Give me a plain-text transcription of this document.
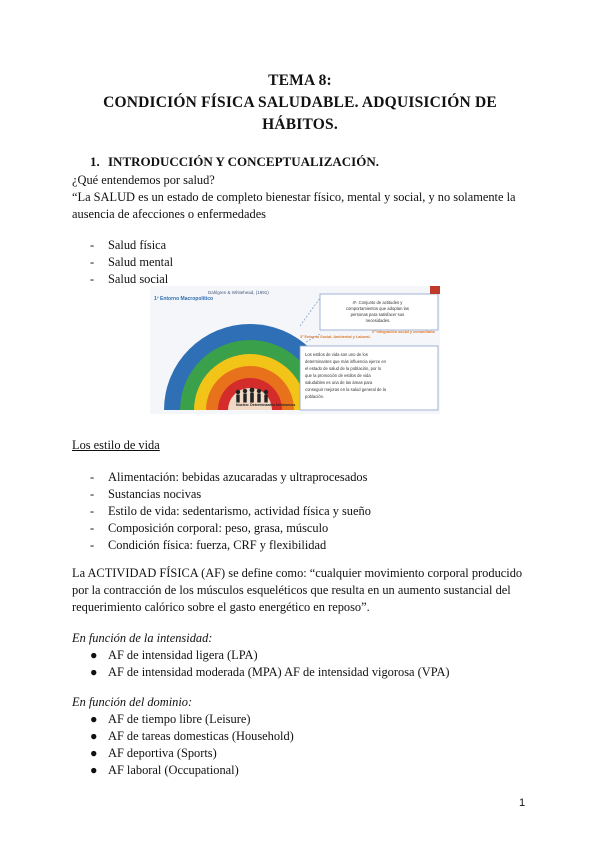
TEMA 8:
CONDICIÓN FÍSICA SALUDABLE. ADQUISICIÓN DE
HÁBITOS.
1. INTRODUCCIÓN Y CONCEPTUALIZACIÓN.
¿Qué entendemos por salud?
“La SALUD es un estado de completo bienestar físico, mental y social, y no solamente la
ausencia de afecciones o enfermedades
- Salud física
- Salud mental
- Salud social
Dahlgren & Whitehead, (1991)
1º Entorno Macropolítico
Núcleo: Determinantes Intrínsecos
4º. Conjunto de actitudes y comportamientos que adoptan las personas para satisfacer sus necesidades.
3º Entorno Social, Ambiental y Laboral.
2º Integración social y comunitaria
Los estilos de vida son uno de los determinantes que más influencia ejerce en el estado de salud de la población, por lo que la promoción de estilos de vida saludables es una de las áreas para conseguir mejoras en la salud general de la población.
Los estilo de vida
- Alimentación: bebidas azucaradas y ultraprocesados
- Sustancias nocivas
- Estilo de vida: sedentarismo, actividad física y sueño
- Composición corporal: peso, grasa, músculo
- Condición física: fuerza, CRF y flexibilidad
La ACTIVIDAD FÍSICA (AF) se define como: “cualquier movimiento corporal producido
por la contracción de los músculos esqueléticos que resulta en un aumento sustancial del
requerimiento calórico sobre el gasto energético en reposo”.
En función de la intensidad:
● AF de intensidad ligera (LPA)
● AF de intensidad moderada (MPA) AF de intensidad vigorosa (VPA)
En función del dominio:
● AF de tiempo libre (Leisure)
● AF de tareas domesticas (Household)
● AF deportiva (Sports)
● AF laboral (Occupational)
1
